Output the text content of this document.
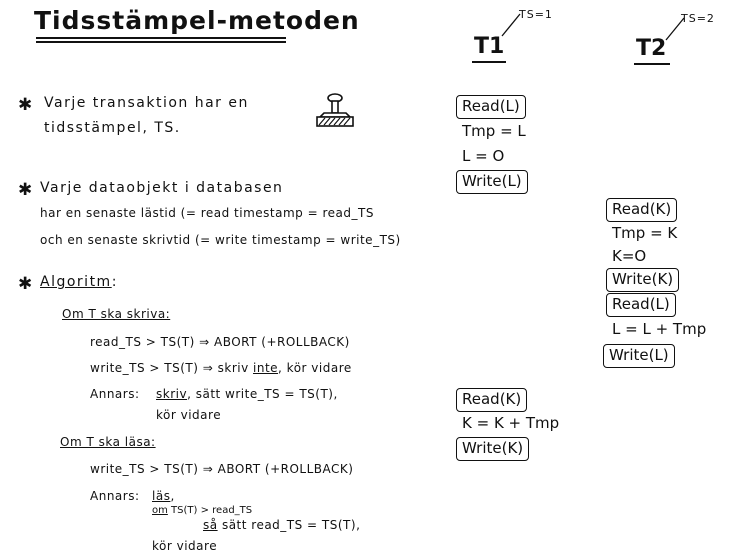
Tidsstämpel-metoden
✱ Varje transaktion har en
tidsstämpel, TS.
✱ Varje dataobjekt i databasen
har en senaste lästid (= read timestamp = read_TS
och en senaste skrivtid (= write timestamp = write_TS)
✱ Algoritm:
Om T ska skriva:
read_TS > TS(T) ⇒ ABORT (+ROLLBACK)
write_TS > TS(T) ⇒ skriv inte, kör vidare
Annars: skriv, sätt write_TS = TS(T),
kör vidare
Om T ska läsa:
write_TS > TS(T) ⇒ ABORT (+ROLLBACK)
Annars: läs,
om TS(T) > read_TS
så sätt read_TS = TS(T),
kör vidare
T1
TS=1
T2
TS=2
Read(L)
Tmp = L
L = O
Write(L)
Read(K)
Tmp = K
K=O
Write(K)
Read(L)
L = L + Tmp
Write(L)
Read(K)
K = K + Tmp
Write(K)
